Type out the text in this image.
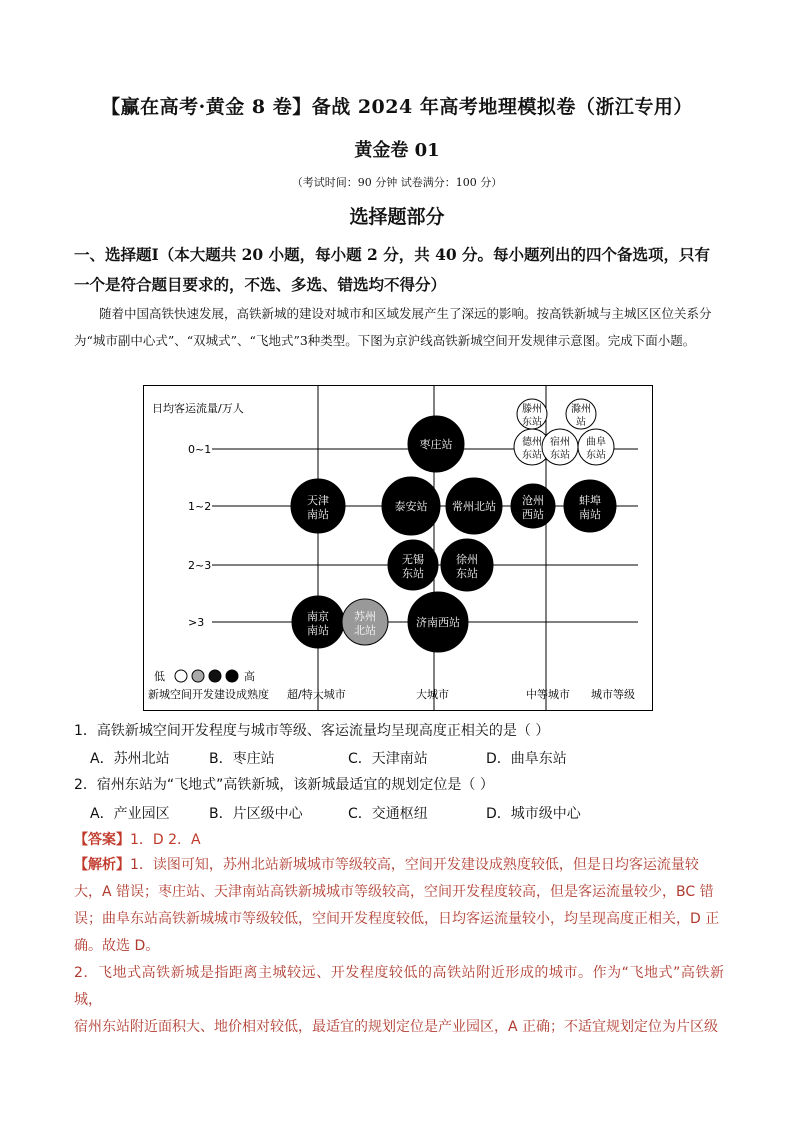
【赢在高考·黄金 8 卷】备战 2024 年高考地理模拟卷（浙江专用）
黄金卷 01
（考试时间：90 分钟 试卷满分：100 分）
选择题部分
一、选择题Ⅰ（本大题共 20 小题，每小题 2 分，共 40 分。每小题列出的四个备选项，只有
一个是符合题目要求的，不选、多选、错选均不得分）
随着中国高铁快速发展，高铁新城的建设对城市和区域发展产生了深远的影响。按高铁新城与主城区区位关系分为“城市副中心式”、“双城式”、“飞地式”3种类型。下图为京沪线高铁新城空间开发规律示意图。完成下面小题。
日均客运流量/万人
0~1
1~2
2~3
>3
超/特大城市	大城市	中等城市 城市等级
低	高
新城空间开发建设成熟度
滕州
东站
滁州
站
德州
东站
宿州
东站
曲阜
东站
枣庄站
天津
南站
泰安站 常州北站 沧州
西站
蚌埠
南站
无锡
东站
徐州
东站
南京
南站
苏州
北站
济南西站
1．高铁新城空间开发程度与城市等级、客运流量均呈现高度正相关的是（ ）
A．苏州北站	B．枣庄站	C．天津南站	D．曲阜东站
2．宿州东站为“飞地式”高铁新城，该新城最适宜的规划定位是（ ）
A．产业园区	B．片区级中心	C．交通枢纽	D．城市级中心
【答案】1．D 2．A
【解析】1．读图可知，苏州北站新城城市等级较高，空间开发建设成熟度较低，但是日均客运流量较
大，A 错误；枣庄站、天津南站高铁新城城市等级较高，空间开发程度较高，但是客运流量较少，BC 错
误；曲阜东站高铁新城城市等级较低，空间开发程度较低，日均客运流量较小，均呈现高度正相关，D 正
确。故选 D。
2．飞地式高铁新城是指距离主城较远、开发程度较低的高铁站附近形成的城市。作为“飞地式”高铁新城，
宿州东站附近面积大、地价相对较低，最适宜的规划定位是产业园区，A 正确；不适宜规划定位为片区级
